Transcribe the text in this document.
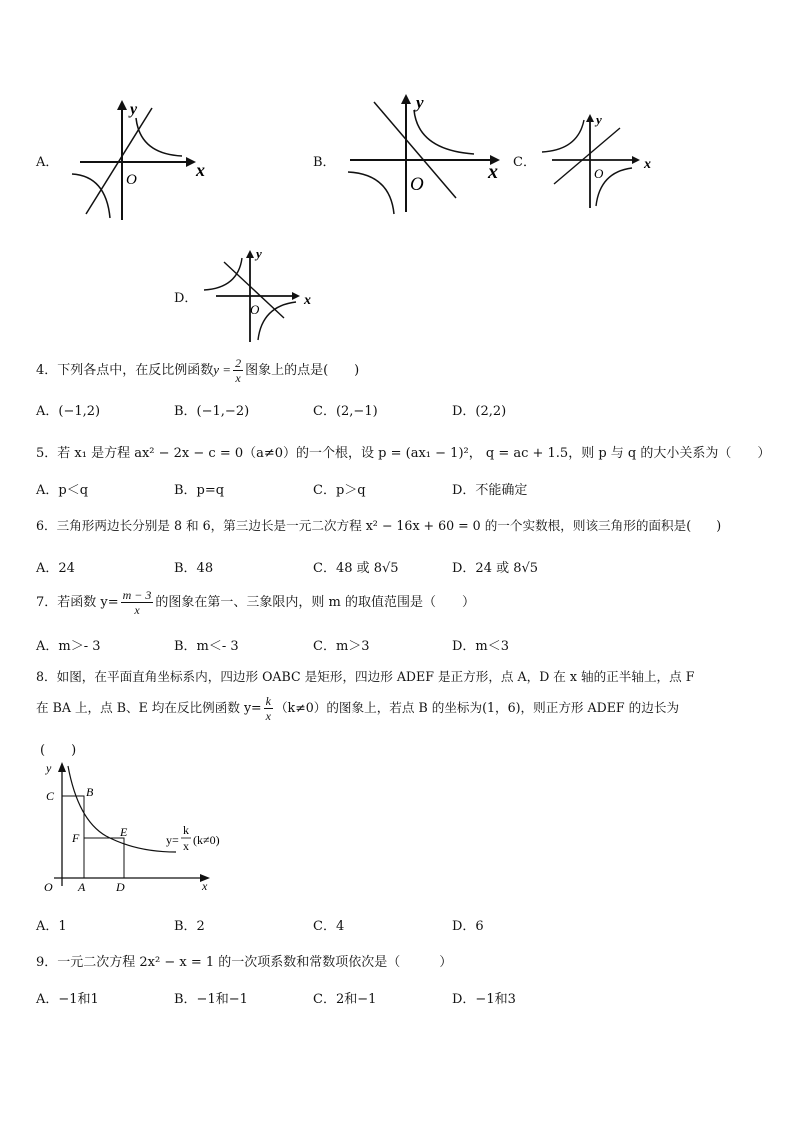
A．
y
x
O
B．
y
x
O
C．
y
x
O
D．
y
x
O
4．下列各点中，在反比例函数$y = \frac{2}{x}$ 图象上的点是(　　)
A．(−1,2)	B．(−1,−2)	C．(2,−1)	D．(2,2)
5．若 x₁ 是方程 ax² − 2x − c = 0（a≠0）的一个根，设 p = (ax₁ − 1)²， q = ac + 1.5，则 p 与 q 的大小关系为（　　）
A．p＜q	B．p=q	C．p＞q	D．不能确定
6．三角形两边长分别是 8 和 6，第三边长是一元二次方程 x² − 16x + 60 = 0 的一个实数根，则该三角形的面积是(　　)
A．24	B．48	C．48 或 8√5	D．24 或 8√5
7．若函数 $y= \frac{m - 3}{x}$ 的图象在第一、三象限内，则 m 的取值范围是（　　）
A．m＞- 3	B．m＜- 3	C．m＞3	D．m＜3
8．如图，在平面直角坐标系内，四边形 OABC 是矩形，四边形 ADEF 是正方形，点 A，D 在 x 轴的正半轴上，点 F
在 BA 上，点 B、E 均在反比例函数 $y= \frac{k}{x} (k\ne 0)$的图象上，若点 B 的坐标为(1，6)，则正方形 ADEF 的边长为
(　　)
y
x
O
C	B
F	E
A	D
y=
k
x (k≠0)
A．1	B．2	C．4	D．6
9．一元二次方程 2x² − x = 1 的一次项系数和常数项依次是（　　　）
A．−1和1	B．−1和−1	C．2和−1	D．−1和3
